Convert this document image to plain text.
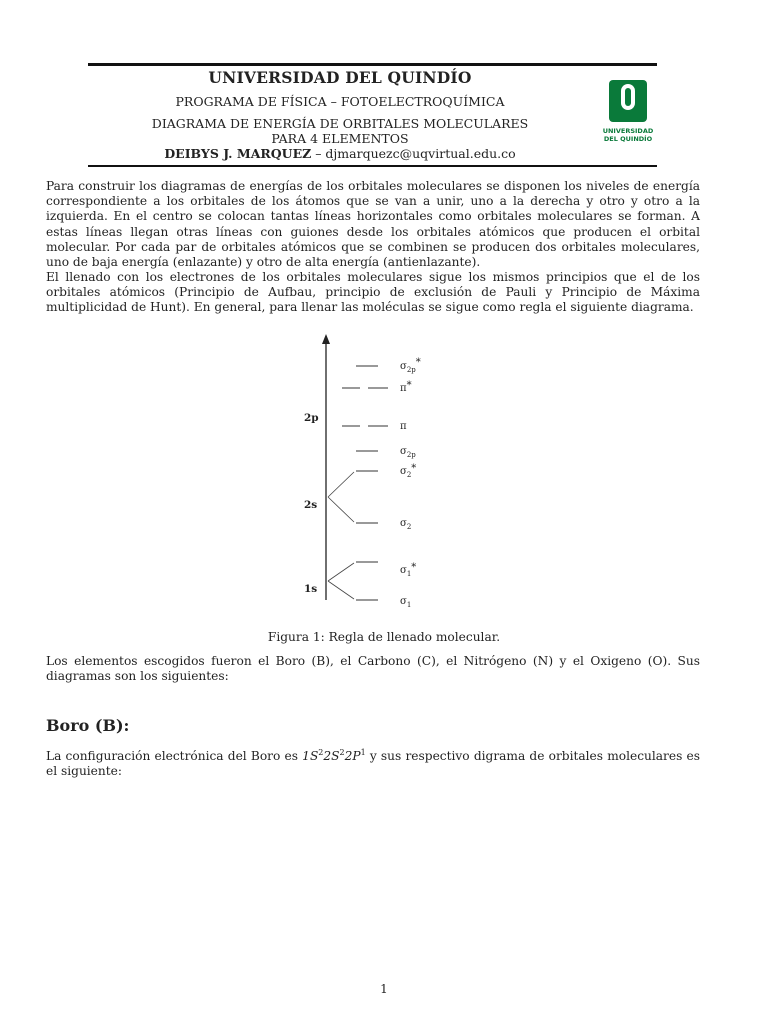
UNIVERSIDAD DEL QUINDÍO
PROGRAMA DE FÍSICA – FOTOELECTROQUÍMICA
DIAGRAMA DE ENERGÍA DE ORBITALES MOLECULARES PARA 4 ELEMENTOS
DEIBYS J. MARQUEZ – djmarquezc@uqvirtual.edu.co
UNIVERSIDAD
DEL QUINDÍO
Para construir los diagramas de energías de los orbitales moleculares se disponen los niveles de energía correspondiente a los orbitales de los átomos que se van a unir, uno a la derecha y otro y otro a la izquierda. En el centro se colocan tantas líneas horizontales como orbitales moleculares se forman. A estas líneas llegan otras líneas con guiones desde los orbitales atómicos que producen el orbital molecular. Por cada par de orbitales atómicos que se combinen se producen dos orbitales moleculares, uno de baja energía (enlazante) y otro de alta energía (antienlazante).
El llenado con los electrones de los orbitales moleculares sigue los mismos principios que el de los orbitales atómicos (Principio de Aufbau, principio de exclusión de Pauli y Principio de Máxima multiplicidad de Hunt). En general, para llenar las moléculas se sigue como regla el siguiente diagrama.
2p
2s
1s
$\sigma_{2p}*$
π*
π
$\sigma_{2p}$
$\sigma_2*$
$\sigma_2$
$\sigma_1*$
$\sigma_1$
Figura 1: Regla de llenado molecular.
Los elementos escogidos fueron el Boro (B), el Carbono (C), el Nitrógeno (N) y el Oxigeno (O). Sus diagramas son los siguientes:
Boro (B):
La configuración electrónica del Boro es $1S^22S^22P^1$ y sus respectivo digrama de orbitales moleculares es el siguiente:
1
